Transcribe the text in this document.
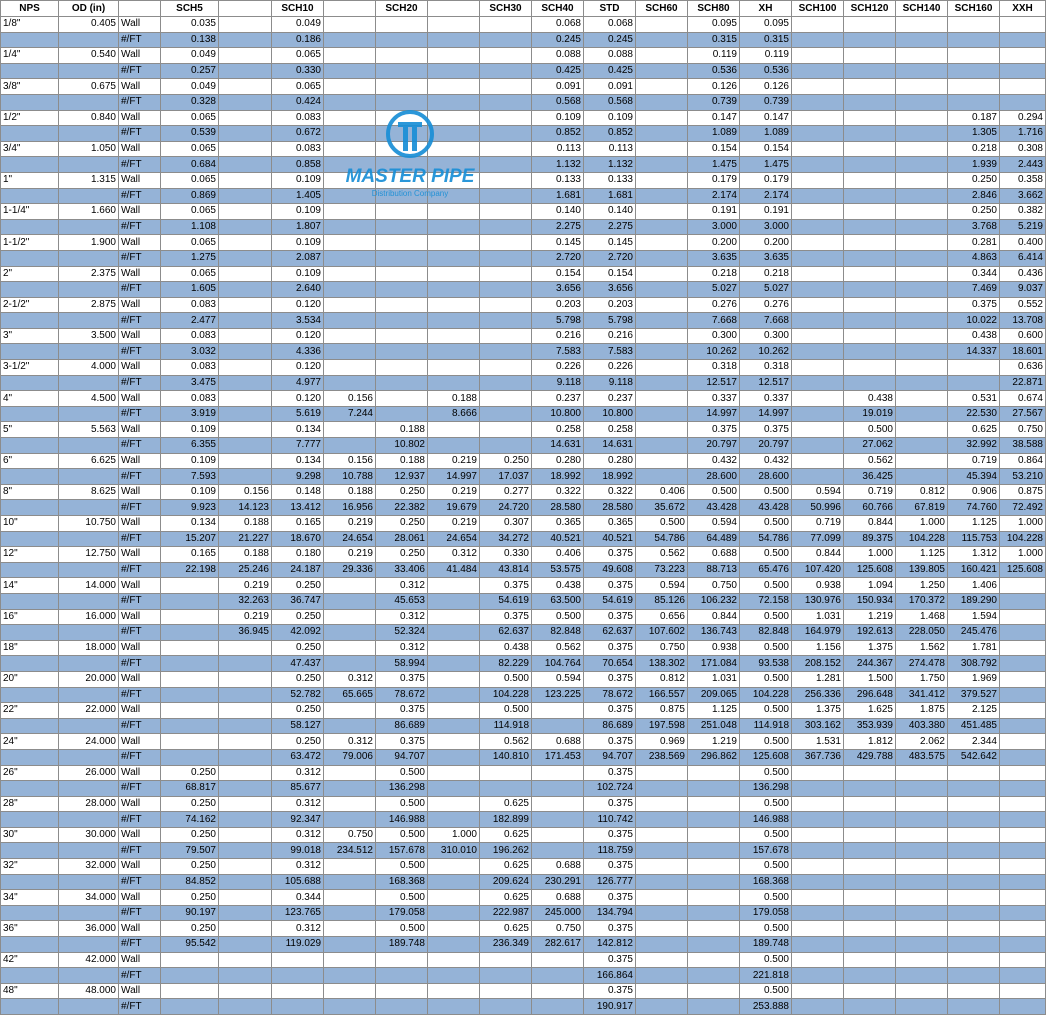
NPS	OD (in)		SCH5		SCH10		SCH20		SCH30	SCH40	STD	SCH60	SCH80	XH	SCH100	SCH120	SCH140	SCH160	XXH
1/8"	0.405	Wall	0.035		0.049					0.068	0.068		0.095	0.095					
		#/FT	0.138		0.186					0.245	0.245		0.315	0.315					
1/4"	0.540	Wall	0.049		0.065					0.088	0.088		0.119	0.119					
		#/FT	0.257		0.330					0.425	0.425		0.536	0.536					
3/8"	0.675	Wall	0.049		0.065					0.091	0.091		0.126	0.126					
		#/FT	0.328		0.424					0.568	0.568		0.739	0.739					
1/2"	0.840	Wall	0.065		0.083					0.109	0.109		0.147	0.147				0.187	0.294
		#/FT	0.539		0.672					0.852	0.852		1.089	1.089				1.305	1.716
3/4"	1.050	Wall	0.065		0.083					0.113	0.113		0.154	0.154				0.218	0.308
		#/FT	0.684		0.858					1.132	1.132		1.475	1.475				1.939	2.443
1"	1.315	Wall	0.065		0.109					0.133	0.133		0.179	0.179				0.250	0.358
		#/FT	0.869		1.405					1.681	1.681		2.174	2.174				2.846	3.662
1-1/4"	1.660	Wall	0.065		0.109					0.140	0.140		0.191	0.191				0.250	0.382
		#/FT	1.108		1.807					2.275	2.275		3.000	3.000				3.768	5.219
1-1/2"	1.900	Wall	0.065		0.109					0.145	0.145		0.200	0.200				0.281	0.400
		#/FT	1.275		2.087					2.720	2.720		3.635	3.635				4.863	6.414
2"	2.375	Wall	0.065		0.109					0.154	0.154		0.218	0.218				0.344	0.436
		#/FT	1.605		2.640					3.656	3.656		5.027	5.027				7.469	9.037
2-1/2"	2.875	Wall	0.083		0.120					0.203	0.203		0.276	0.276				0.375	0.552
		#/FT	2.477		3.534					5.798	5.798		7.668	7.668				10.022	13.708
3"	3.500	Wall	0.083		0.120					0.216	0.216		0.300	0.300				0.438	0.600
		#/FT	3.032		4.336					7.583	7.583		10.262	10.262				14.337	18.601
3-1/2"	4.000	Wall	0.083		0.120					0.226	0.226		0.318	0.318					0.636
		#/FT	3.475		4.977					9.118	9.118		12.517	12.517					22.871
4"	4.500	Wall	0.083		0.120	0.156		0.188		0.237	0.237		0.337	0.337		0.438		0.531	0.674
		#/FT	3.919		5.619	7.244		8.666		10.800	10.800		14.997	14.997		19.019		22.530	27.567
5"	5.563	Wall	0.109		0.134		0.188			0.258	0.258		0.375	0.375		0.500		0.625	0.750
		#/FT	6.355		7.777		10.802			14.631	14.631		20.797	20.797		27.062		32.992	38.588
6"	6.625	Wall	0.109		0.134	0.156	0.188	0.219	0.250	0.280	0.280		0.432	0.432		0.562		0.719	0.864
		#/FT	7.593		9.298	10.788	12.937	14.997	17.037	18.992	18.992		28.600	28.600		36.425		45.394	53.210
8"	8.625	Wall	0.109	0.156	0.148	0.188	0.250	0.219	0.277	0.322	0.322	0.406	0.500	0.500	0.594	0.719	0.812	0.906	0.875
		#/FT	9.923	14.123	13.412	16.956	22.382	19.679	24.720	28.580	28.580	35.672	43.428	43.428	50.996	60.766	67.819	74.760	72.492
10"	10.750	Wall	0.134	0.188	0.165	0.219	0.250	0.219	0.307	0.365	0.365	0.500	0.594	0.500	0.719	0.844	1.000	1.125	1.000
		#/FT	15.207	21.227	18.670	24.654	28.061	24.654	34.272	40.521	40.521	54.786	64.489	54.786	77.099	89.375	104.228	115.753	104.228
12"	12.750	Wall	0.165	0.188	0.180	0.219	0.250	0.312	0.330	0.406	0.375	0.562	0.688	0.500	0.844	1.000	1.125	1.312	1.000
		#/FT	22.198	25.246	24.187	29.336	33.406	41.484	43.814	53.575	49.608	73.223	88.713	65.476	107.420	125.608	139.805	160.421	125.608
14"	14.000	Wall		0.219	0.250		0.312		0.375	0.438	0.375	0.594	0.750	0.500	0.938	1.094	1.250	1.406	
		#/FT		32.263	36.747		45.653		54.619	63.500	54.619	85.126	106.232	72.158	130.976	150.934	170.372	189.290	
16"	16.000	Wall		0.219	0.250		0.312		0.375	0.500	0.375	0.656	0.844	0.500	1.031	1.219	1.468	1.594	
		#/FT		36.945	42.092		52.324		62.637	82.848	62.637	107.602	136.743	82.848	164.979	192.613	228.050	245.476	
18"	18.000	Wall			0.250		0.312		0.438	0.562	0.375	0.750	0.938	0.500	1.156	1.375	1.562	1.781	
		#/FT			47.437		58.994		82.229	104.764	70.654	138.302	171.084	93.538	208.152	244.367	274.478	308.792	
20"	20.000	Wall			0.250	0.312	0.375		0.500	0.594	0.375	0.812	1.031	0.500	1.281	1.500	1.750	1.969	
		#/FT			52.782	65.665	78.672		104.228	123.225	78.672	166.557	209.065	104.228	256.336	296.648	341.412	379.527	
22"	22.000	Wall			0.250		0.375		0.500		0.375	0.875	1.125	0.500	1.375	1.625	1.875	2.125	
		#/FT			58.127		86.689		114.918		86.689	197.598	251.048	114.918	303.162	353.939	403.380	451.485	
24"	24.000	Wall			0.250	0.312	0.375		0.562	0.688	0.375	0.969	1.219	0.500	1.531	1.812	2.062	2.344	
		#/FT			63.472	79.006	94.707		140.810	171.453	94.707	238.569	296.862	125.608	367.736	429.788	483.575	542.642	
26"	26.000	Wall	0.250		0.312		0.500				0.375			0.500					
		#/FT	68.817		85.677		136.298				102.724			136.298					
28"	28.000	Wall	0.250		0.312		0.500		0.625		0.375			0.500					
		#/FT	74.162		92.347		146.988		182.899		110.742			146.988					
30"	30.000	Wall	0.250		0.312	0.750	0.500	1.000	0.625		0.375			0.500					
		#/FT	79.507		99.018	234.512	157.678	310.010	196.262		118.759			157.678					
32"	32.000	Wall	0.250		0.312		0.500		0.625	0.688	0.375			0.500					
		#/FT	84.852		105.688		168.368		209.624	230.291	126.777			168.368					
34"	34.000	Wall	0.250		0.344		0.500		0.625	0.688	0.375			0.500					
		#/FT	90.197		123.765		179.058		222.987	245.000	134.794			179.058					
36"	36.000	Wall	0.250		0.312		0.500		0.625	0.750	0.375			0.500					
		#/FT	95.542		119.029		189.748		236.349	282.617	142.812			189.748					
42"	42.000	Wall									0.375			0.500					
		#/FT									166.864			221.818					
48"	48.000	Wall									0.375			0.500					
		#/FT									190.917			253.888					
MASTER PIPE
Distribution Company
